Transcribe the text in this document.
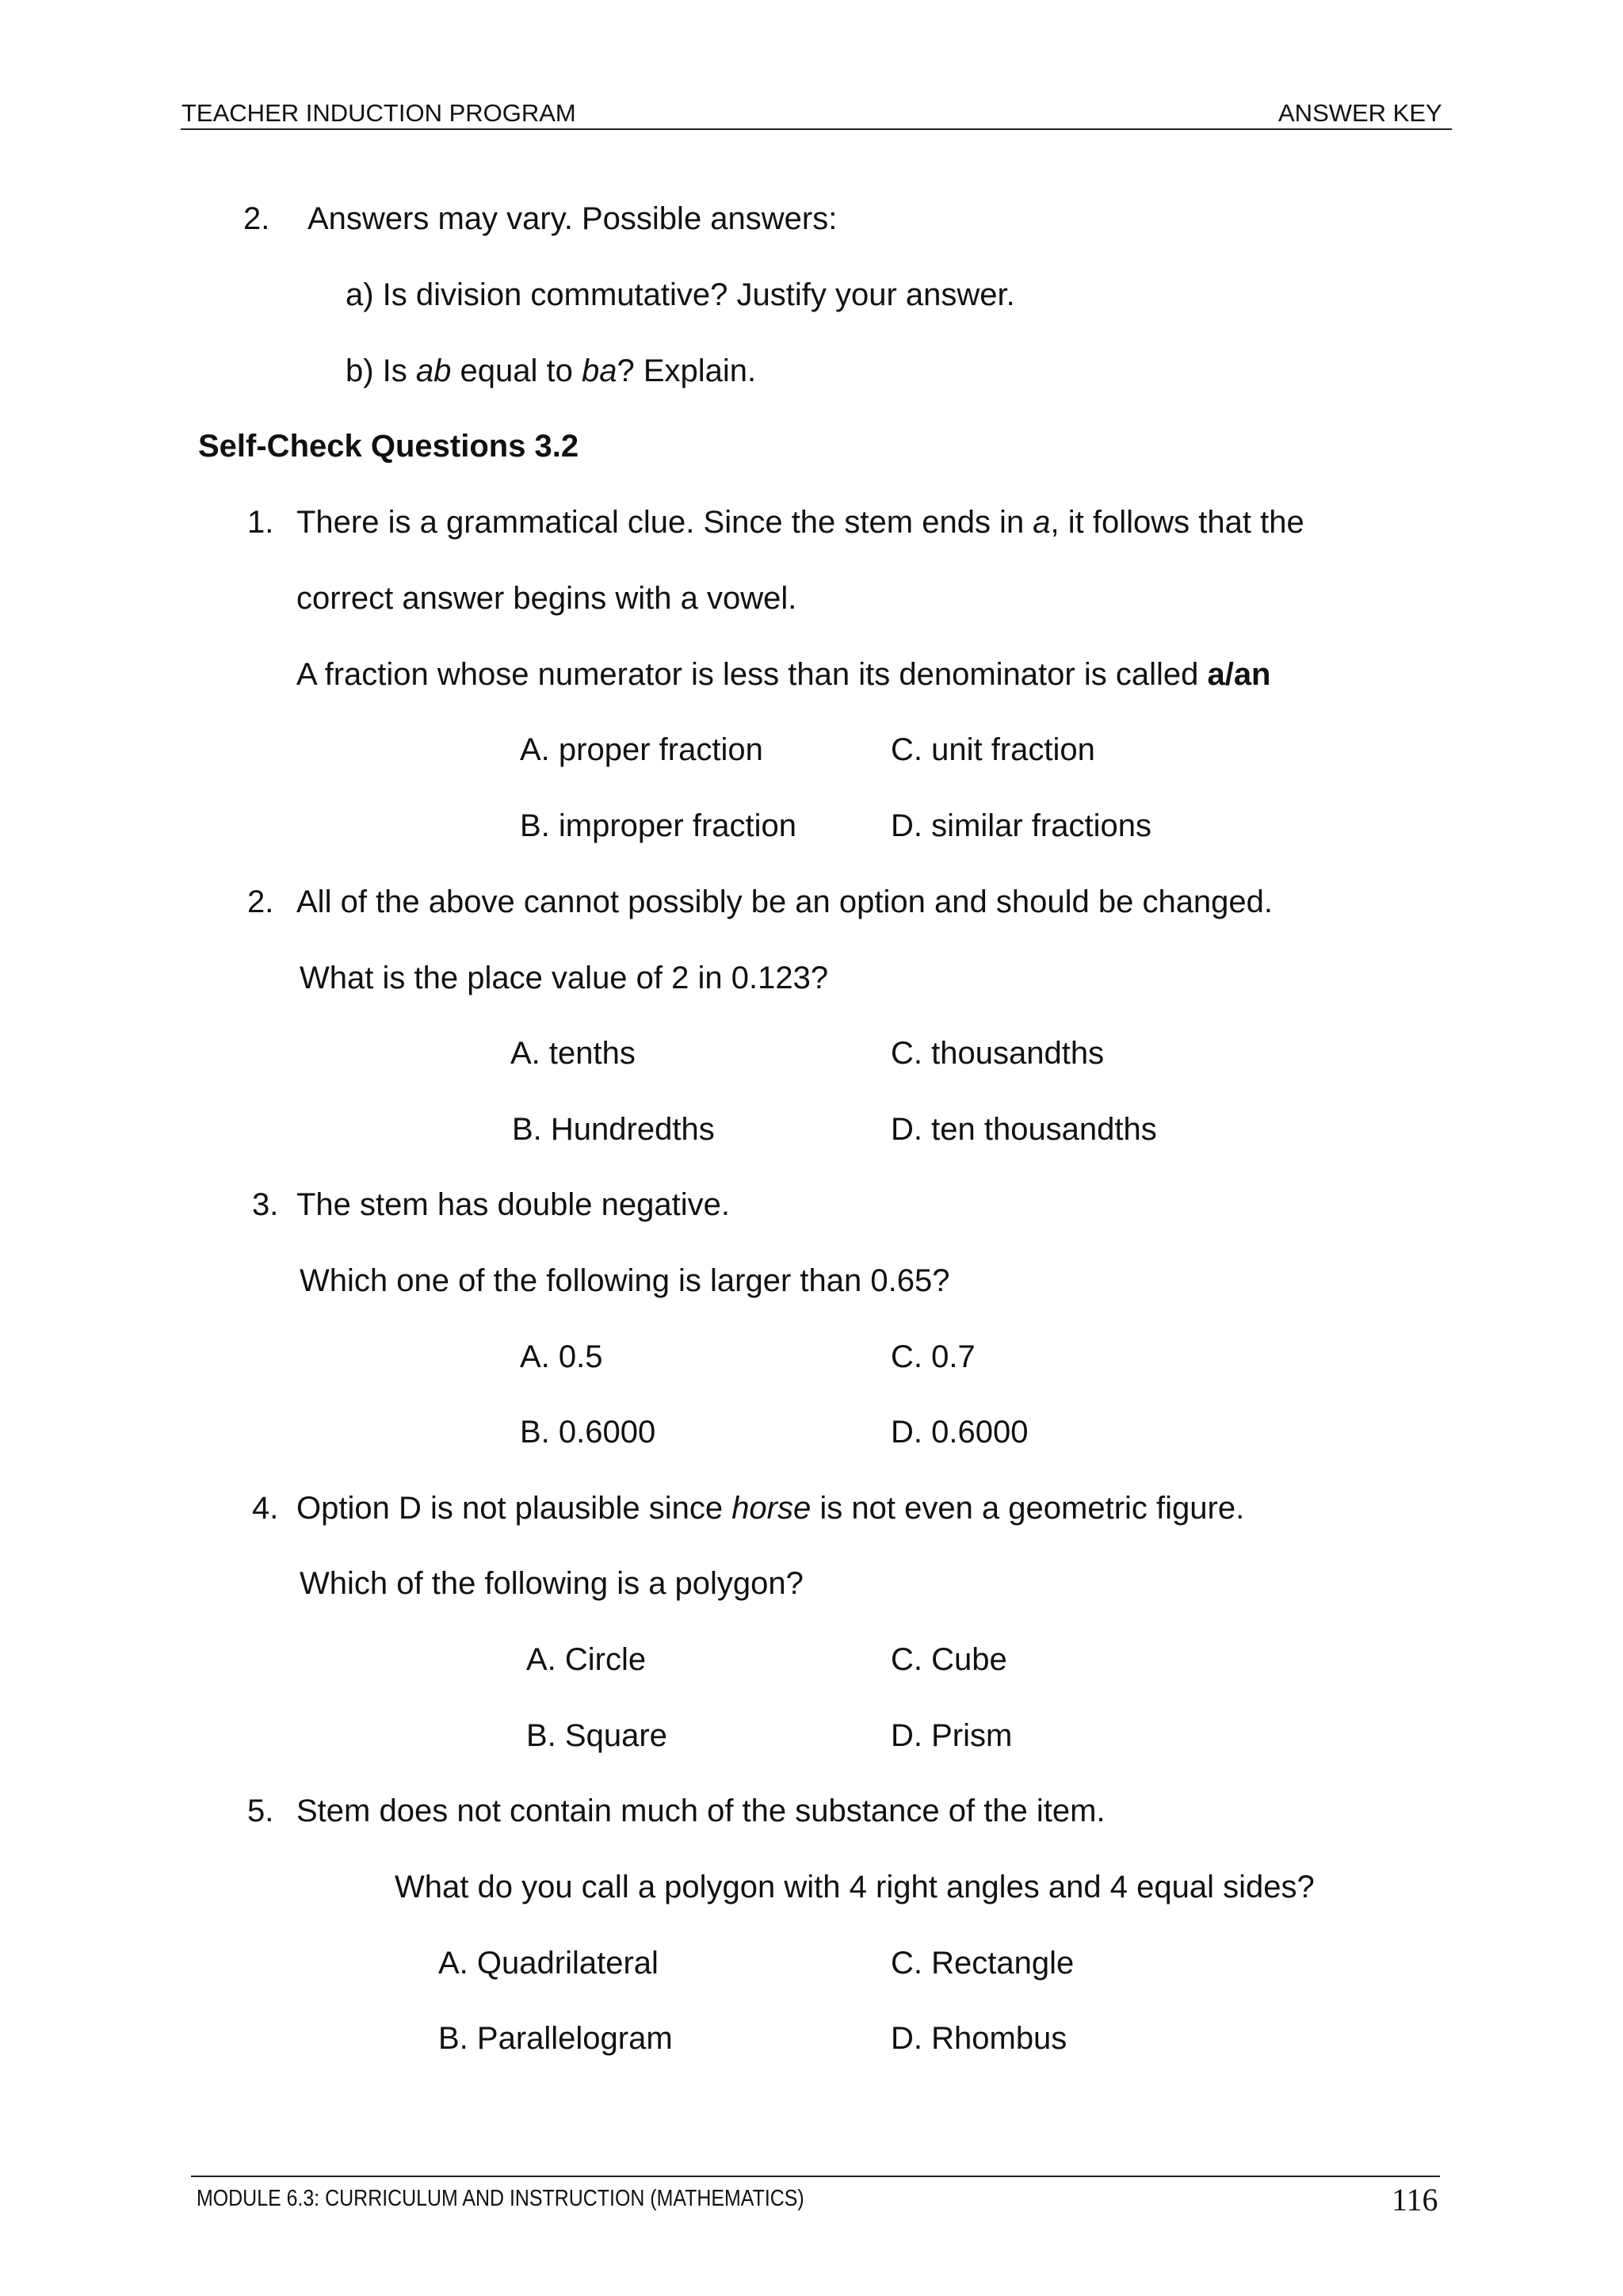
TEACHER INDUCTION PROGRAM	ANSWER KEY
2. Answers may vary. Possible answers:
a) Is division commutative? Justify your answer.
b) Is ab equal to ba? Explain.
Self-Check Questions 3.2
1. There is a grammatical clue. Since the stem ends in a, it follows that the
correct answer begins with a vowel.
A fraction whose numerator is less than its denominator is called a/an
A. proper fraction	C. unit fraction
B. improper fraction	D. similar fractions
2. All of the above cannot possibly be an option and should be changed.
What is the place value of 2 in 0.123?
A. tenths	C. thousandths
B. Hundredths	D. ten thousandths
3. The stem has double negative.
Which one of the following is larger than 0.65?
A. 0.5	C. 0.7
B. 0.6000	D. 0.6000
4. Option D is not plausible since horse is not even a geometric figure.
Which of the following is a polygon?
A. Circle	C. Cube
B. Square	D. Prism
5. Stem does not contain much of the substance of the item.
What do you call a polygon with 4 right angles and 4 equal sides?
A. Quadrilateral	C. Rectangle
B. Parallelogram	D. Rhombus
MODULE 6.3: CURRICULUM AND INSTRUCTION (MATHEMATICS)	116
